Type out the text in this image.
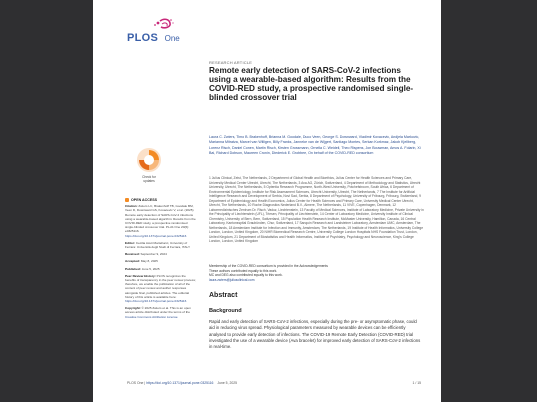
PLOS One
Check for
updates
OPEN ACCESS

Citation: Zwiers LC, Brakenhoff TB, Goodale BM, Veen D, Downward GS, Kovacevic V, et al. (2025) Remote early detection of SARS-CoV-2 infections using a wearable-based algorithm: Results from the COVID-RED study, a prospective randomised single-blinded crossover trial. PLoS One 20(6): e0325116. https://doi.org/10.1371/journal.pone.0325116

Editor: Cecilia Acuti Martellucci, University of Ferrara: Università degli Studi di Ferrara, ITALY

Received: September 9, 2024

Accepted: May 8, 2025

Published: June 5, 2025

Peer Review History: PLOS recognizes the benefits of transparency in the peer review process; therefore, we enable the publication of all of the content of peer review and author responses alongside final, published articles. The editorial history of this article is available here: https://doi.org/10.1371/journal.pone.0325116

Copyright: © 2025 Zwiers et al. This is an open access article distributed under the terms of the Creative Commons Attribution License

RESEARCH ARTICLE
Remote early detection of SARS-CoV-2 infections using a wearable-based algorithm: Results from the COVID-RED study, a prospective randomised single-blinded crossover trial
Laura C. Zwiers, Timo B. Brakenhoff, Brianna M. Goodale, Duco Veen, George S. Downward, Vladimir Kovacevic, Andjela Markovic, Marianna Mitratza, Marcel van Willigen, Billy Franks, Janneke van de Wijgert, Santiago Montes, Serkan Korkmaz, Jakob Kjellberg, Lorenz Risch, Daniel Conen, Martin Risch, Kirsten Grossmann, Ornella C. Weideli, Theo Rispens, Jon Bouwman, Amos A. Folarin, Xi Bai, Richard Dobson, Maureen Cronin, Diederick E. Grobbee, On behalf of the COVID-RED consortium
1 Julius Clinical, Zeist, The Netherlands, 2 Department of Global Health and Bioethics, Julius Center for Health Sciences and Primary Care, University Medical Center Utrecht, Utrecht, The Netherlands, 3 Ava AG, Zürich, Switzerland, 4 Department of Methodology and Statistics, Utrecht University, Utrecht, The Netherlands, 5 Optentia Research Programme, North-West University, Potchefstroom, South Africa, 6 Department of Environmental Epidemiology, Institute for Risk Assessment Sciences, Utrecht University, Utrecht, The Netherlands, 7 The Institute for Artificial Intelligence Research and Development of Serbia, Novi Sad, Serbia, 8 Department of Psychology, University of Fribourg, Fribourg, Switzerland, 9 Department of Epidemiology and Health Economics, Julius Center for Health Sciences and Primary Care, University Medical Center Utrecht, Utrecht, The Netherlands, 10 Roche Diagnostics Nederland B.V., Almere, The Netherlands, 11 VIVE, Copenhagen, Denmark, 12 Labormedizinisches Zentrum Dr. Risch, Vaduz, Liechtenstein, 13 Faculty of Medical Sciences, Institute of Laboratory Medicine, Private University in the Principality of Liechtenstein (UFL), Triesen, Principality of Liechtenstein, 14 Center of Laboratory Medicine, University Institute of Clinical Chemistry, University of Bern, Bern, Switzerland, 15 Population Health Research Institute, McMaster University, Hamilton, Canada, 16 Central Laboratory, Kantonsspital Graubünden, Chur, Switzerland, 17 Sanquin Research and Landsteiner Laboratory, Amsterdam UMC, Amsterdam, The Netherlands, 18 Amsterdam Institute for Infection and Immunity, Amsterdam, The Netherlands, 19 Institute of Health Informatics, University College London, London, United Kingdom, 20 NIHR Biomedical Research Centre, University College London Hospitals NHS Foundation Trust, London, United Kingdom, 21 Department of Biostatistics and Health Informatics, Institute of Psychiatry, Psychology and Neuroscience, King's College London, London, United Kingdom
Membership of the COVID-RED consortium is provided in the Acknowledgements
These authors contributed equally to this work.
MC and DEG also contributed equally to this work.
laura.zwiers@juliusclinical.com
Abstract
Background
Rapid and early detection of SARS-CoV-2 infections, especially during the pre- or asymptomatic phase, could aid in reducing virus spread. Physiological parameters measured by wearable devices can be efficiently analysed to provide early detection of infections. The COVID-19 Remote Early Detection (COVID-RED) trial investigated the use of a wearable device (Ava bracelet) for improved early detection of SARS-CoV-2 infections in real-time.
PLOS One | https://doi.org/10.1371/journal.pone.0325116 June 5, 2025	1 / 15
